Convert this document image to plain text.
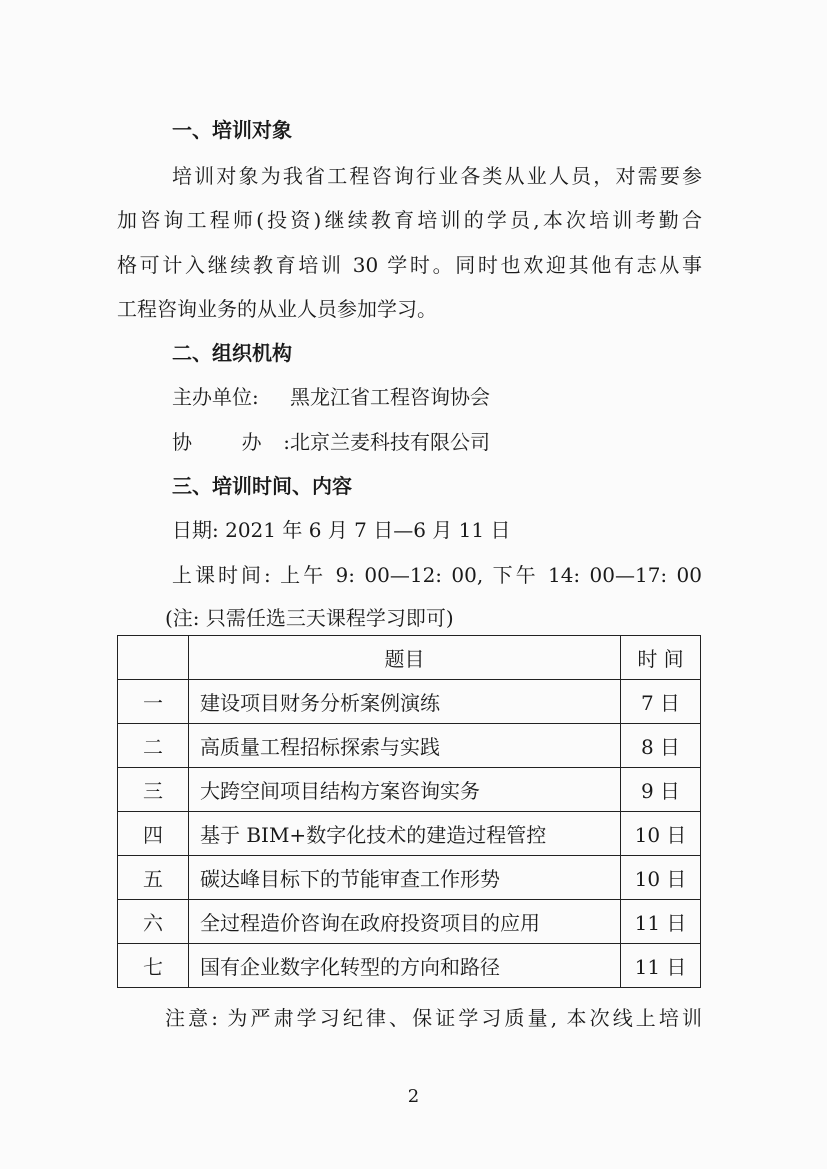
一、培训对象
培训对象为我省工程咨询行业各类从业人员，对需要参
加咨询工程师(投资)继续教育培训的学员,本次培训考勤合
格可计入继续教育培训 30 学时。同时也欢迎其他有志从事
工程咨询业务的从业人员参加学习。
二、组织机构
主办单位: 黑龙江省工程咨询协会
协 办:北京兰麦科技有限公司
三、培训时间、内容
日期: 2021 年 6 月 7 日—6 月 11 日
上课时间: 上午 9: 00—12: 00, 下午 14: 00—17: 00
(注: 只需任选三天课程学习即可)
	题目	时 间
一	建设项目财务分析案例演练	7 日
二	高质量工程招标探索与实践	8 日
三	大跨空间项目结构方案咨询实务	9 日
四	基于 BIM+数字化技术的建造过程管控	10 日
五	碳达峰目标下的节能审查工作形势	10 日
六	全过程造价咨询在政府投资项目的应用	11 日
七	国有企业数字化转型的方向和路径	11 日
注意: 为严肃学习纪律、保证学习质量, 本次线上培训
2
